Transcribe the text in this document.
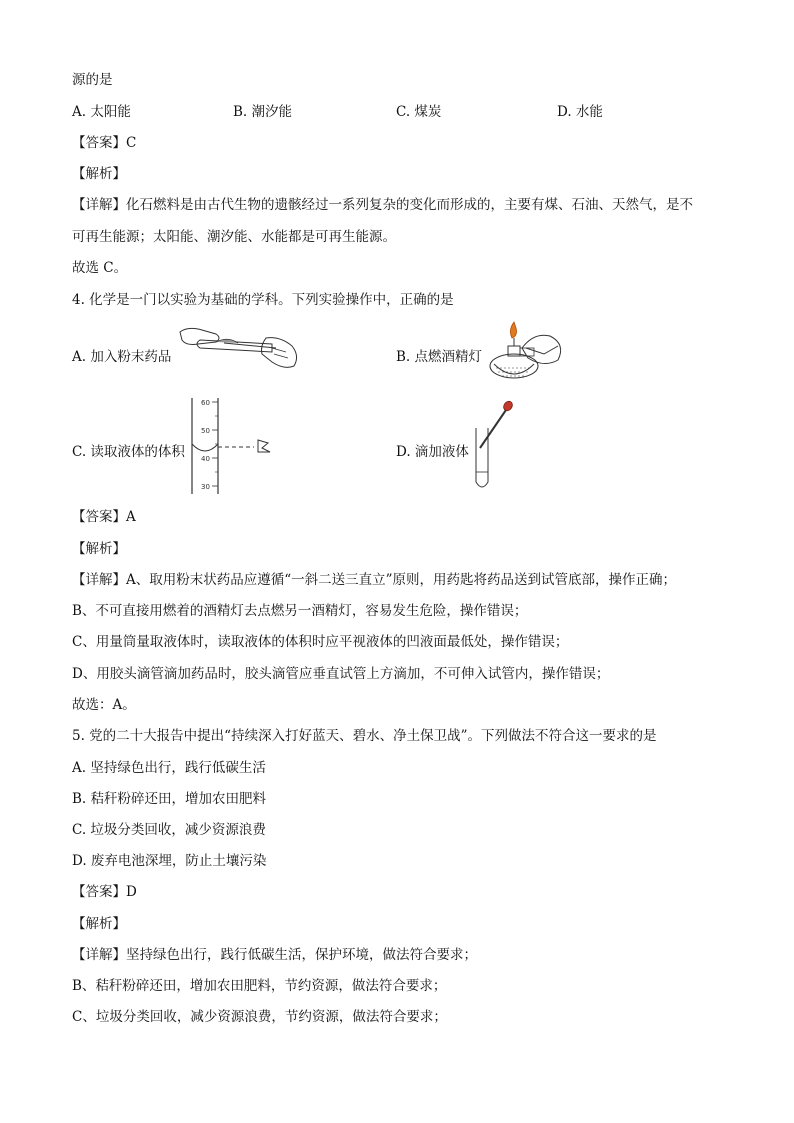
源的是
A. 太阳能	B. 潮汐能	C. 煤炭	D. 水能
【答案】C
【解析】
【详解】化石燃料是由古代生物的遗骸经过一系列复杂的变化而形成的，主要有煤、石油、天然气，是不
可再生能源；太阳能、潮汐能、水能都是可再生能源。
故选 C。
4. 化学是一门以实验为基础的学科。下列实验操作中，正确的是
A. 加入粉末药品	B. 点燃酒精灯
C. 读取液体的体积
60
50
40
30
D. 滴加液体
【答案】A
【解析】
【详解】A、取用粉末状药品应遵循“一斜二送三直立”原则，用药匙将药品送到试管底部，操作正确；
B、不可直接用燃着的酒精灯去点燃另一酒精灯，容易发生危险，操作错误；
C、用量筒量取液体时，读取液体的体积时应平视液体的凹液面最低处，操作错误；
D、用胶头滴管滴加药品时，胶头滴管应垂直试管上方滴加，不可伸入试管内，操作错误；
故选：A。
5. 党的二十大报告中提出“持续深入打好蓝天、碧水、净土保卫战”。下列做法不符合这一要求的是
A. 坚持绿色出行，践行低碳生活
B. 秸秆粉碎还田，增加农田肥料
C. 垃圾分类回收，减少资源浪费
D. 废弃电池深埋，防止土壤污染
【答案】D
【解析】
【详解】坚持绿色出行，践行低碳生活，保护环境，做法符合要求；
B、秸秆粉碎还田，增加农田肥料，节约资源，做法符合要求；
C、垃圾分类回收，减少资源浪费，节约资源，做法符合要求；
